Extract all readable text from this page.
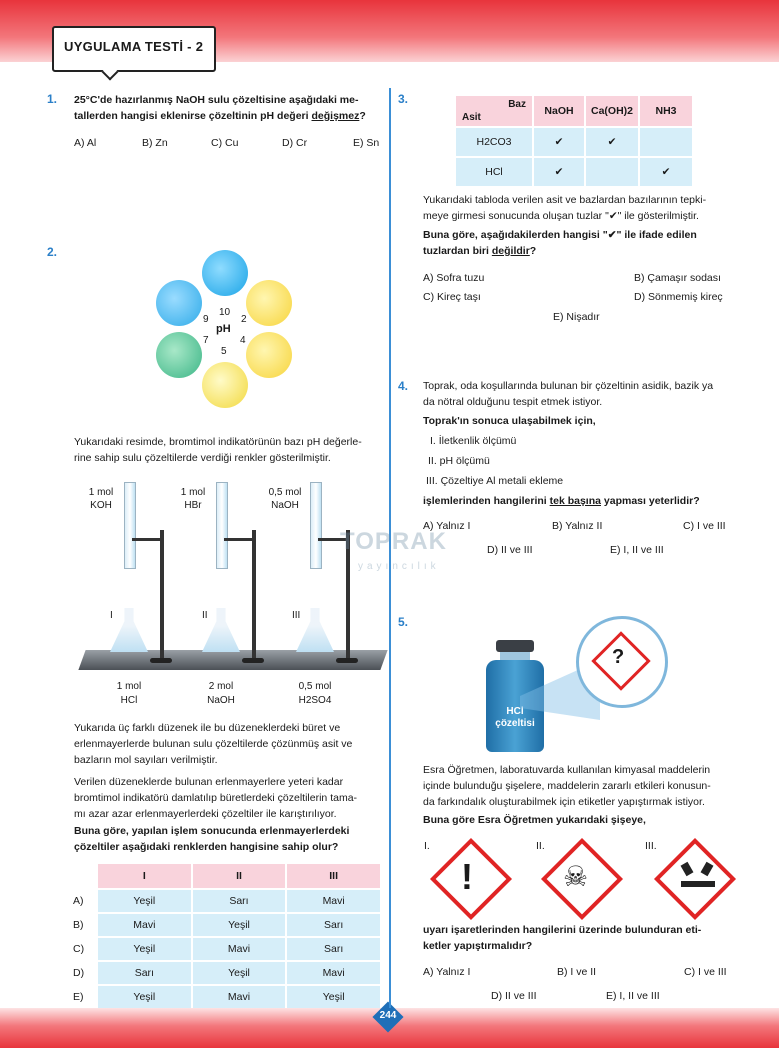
UYGULAMA TESTİ - 2
244
1. 25°C'de hazırlanmış NaOH sulu çözeltisine aşağıdaki me-
tallerden hangisi eklenirse çözeltinin pH değeri değişmez?
A) Al	B) Zn	C) Cu	D) Cr	E) Sn
2.
pH
10
2
4
5
7
9
Yukarıdaki resimde, bromtimol indikatörünün bazı pH değerle-
rine sahip sulu çözeltilerde verdiği renkler gösterilmiştir.
1 mol
KOH
I
1 mol
HCl
1 mol
HBr
II
2 mol
NaOH
0,5 mol
NaOH
III
0,5 mol
H2SO4
Yukarıda üç farklı düzenek ile bu düzeneklerdeki büret ve
erlenmayerlerde bulunan sulu çözeltilerde çözünmüş asit ve
bazların mol sayıları verilmiştir.
Verilen düzeneklerde bulunan erlenmayerlere yeteri kadar
bromtimol indikatörü damlatılıp büretlerdeki çözeltilerin tama-
mı azar azar erlenmayerlerdeki çözeltiler ile karıştırılıyor.
Buna göre, yapılan işlem sonucunda erlenmayerlerdeki
çözeltiler aşağıdaki renklerden hangisine sahip olur?
	I	II	III
A)	Yeşil	Sarı	Mavi
B)	Mavi	Yeşil	Sarı
C)	Yeşil	Mavi	Sarı
D)	Sarı	Yeşil	Mavi
E)	Yeşil	Mavi	Yeşil
TOPRAK
yayıncılık
3.	Baz
Asit	NaOH	Ca(OH)2	NH3
H2CO3	✔	✔	
HCl	✔		✔
Yukarıdaki tabloda verilen asit ve bazlardan bazılarının tepki-
meye girmesi sonucunda oluşan tuzlar "✔" ile gösterilmiştir.
Buna göre, aşağıdakilerden hangisi "✔" ile ifade edilen
tuzlardan biri değildir?
A) Sofra tuzu	B) Çamaşır sodası
C) Kireç taşı	D) Sönmemiş kireç
E) Nişadır
4. Toprak, oda koşullarında bulunan bir çözeltinin asidik, bazik ya
da nötral olduğunu tespit etmek istiyor.
Toprak'ın sonuca ulaşabilmek için,
I. İletkenlik ölçümü
II. pH ölçümü
III. Çözeltiye Al metali ekleme
işlemlerinden hangilerini tek başına yapması yeterlidir?
A) Yalnız I	B) Yalnız II	C) I ve III
D) II ve III	E) I, II ve III
5.
HCl
çözeltisi
?
Esra Öğretmen, laboratuvarda kullanılan kimyasal maddelerin
içinde bulunduğu şişelere, maddelerin zararlı etkileri konusun-
da farkındalık oluşturabilmek için etiketler yapıştırmak istiyor.
Buna göre Esra Öğretmen yukarıdaki şişeye,
I.
!
II.
☠
III.
uyarı işaretlerinden hangilerini üzerinde bulunduran eti-
ketler yapıştırmalıdır?
A) Yalnız I	B) I ve II	C) I ve III
D) II ve III	E) I, II ve III
